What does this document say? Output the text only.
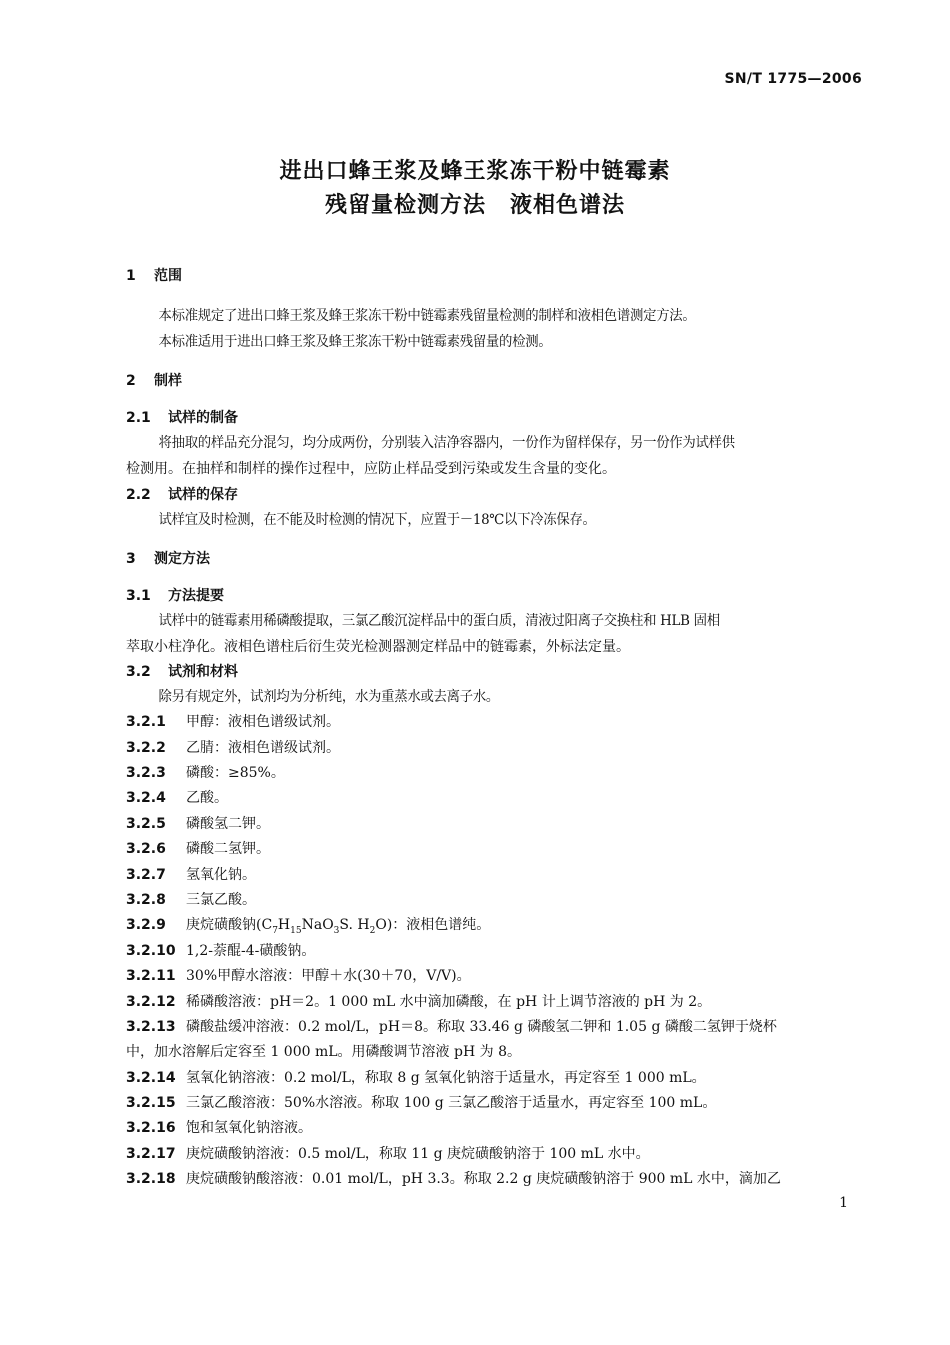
SN/T 1775—2006
进出口蜂王浆及蜂王浆冻干粉中链霉素
残留量检测方法 液相色谱法
1 范围
本标准规定了进出口蜂王浆及蜂王浆冻干粉中链霉素残留量检测的制样和液相色谱测定方法。
本标准适用于进出口蜂王浆及蜂王浆冻干粉中链霉素残留量的检测。
2 制样
2.1 试样的制备
将抽取的样品充分混匀，均分成两份，分别装入洁净容器内，一份作为留样保存，另一份作为试样供
检测用。在抽样和制样的操作过程中，应防止样品受到污染或发生含量的变化。
2.2 试样的保存
试样宜及时检测，在不能及时检测的情况下，应置于－18℃以下冷冻保存。
3 测定方法
3.1 方法提要
试样中的链霉素用稀磷酸提取，三氯乙酸沉淀样品中的蛋白质，清液过阳离子交换柱和 HLB 固相
萃取小柱净化。液相色谱柱后衍生荧光检测器测定样品中的链霉素，外标法定量。
3.2 试剂和材料
除另有规定外，试剂均为分析纯，水为重蒸水或去离子水。
3.2.1 甲醇：液相色谱级试剂。
3.2.2 乙腈：液相色谱级试剂。
3.2.3 磷酸：≥85%。
3.2.4 乙酸。
3.2.5 磷酸氢二钾。
3.2.6 磷酸二氢钾。
3.2.7 氢氧化钠。
3.2.8 三氯乙酸。
3.2.9 庚烷磺酸钠($C_7H_{15}NaO_3S$. $H_2O$)：液相色谱纯。
3.2.10 1,2-萘醌-4-磺酸钠。
3.2.11 30%甲醇水溶液：甲醇＋水(30＋70，V/V)。
3.2.12 稀磷酸溶液：pH＝2。1 000 mL 水中滴加磷酸，在 pH 计上调节溶液的 pH 为 2。
3.2.13 磷酸盐缓冲溶液：0.2 mol/L，pH＝8。称取 33.46 g 磷酸氢二钾和 1.05 g 磷酸二氢钾于烧杯
中，加水溶解后定容至 1 000 mL。用磷酸调节溶液 pH 为 8。
3.2.14 氢氧化钠溶液：0.2 mol/L，称取 8 g 氢氧化钠溶于适量水，再定容至 1 000 mL。
3.2.15 三氯乙酸溶液：50%水溶液。称取 100 g 三氯乙酸溶于适量水，再定容至 100 mL。
3.2.16 饱和氢氧化钠溶液。
3.2.17 庚烷磺酸钠溶液：0.5 mol/L，称取 11 g 庚烷磺酸钠溶于 100 mL 水中。
3.2.18 庚烷磺酸钠酸溶液：0.01 mol/L，pH 3.3。称取 2.2 g 庚烷磺酸钠溶于 900 mL 水中，滴加乙
1
